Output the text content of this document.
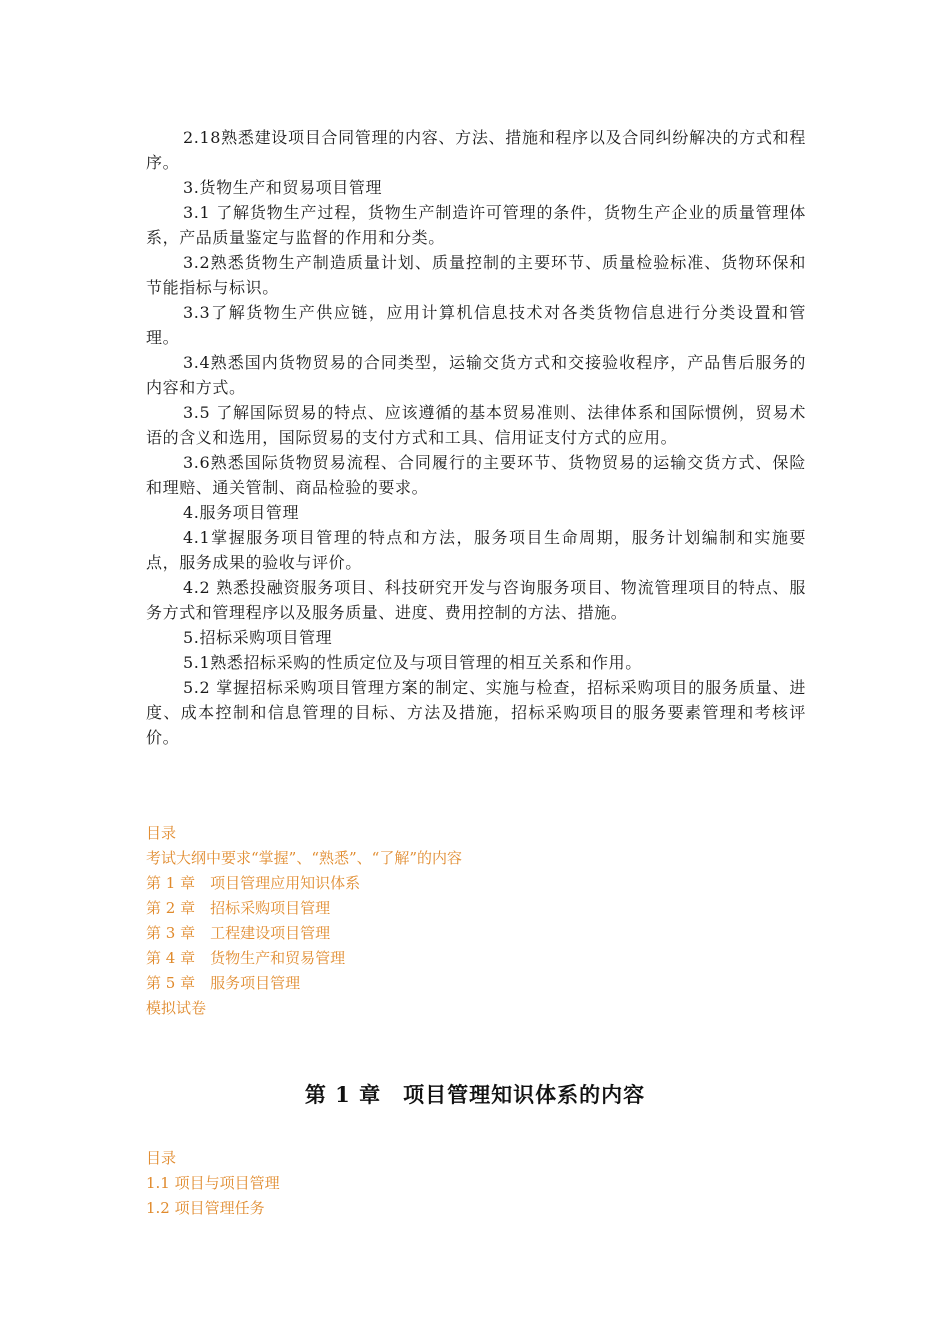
2.18熟悉建设项目合同管理的内容、方法、措施和程序以及合同纠纷解决的方式和程序。

3.货物生产和贸易项目管理

3.1 了解货物生产过程，货物生产制造许可管理的条件，货物生产企业的质量管理体系，产品质量鉴定与监督的作用和分类。

3.2熟悉货物生产制造质量计划、质量控制的主要环节、质量检验标准、货物环保和节能指标与标识。

3.3了解货物生产供应链，应用计算机信息技术对各类货物信息进行分类设置和管理。

3.4熟悉国内货物贸易的合同类型，运输交货方式和交接验收程序，产品售后服务的内容和方式。

3.5 了解国际贸易的特点、应该遵循的基本贸易准则、法律体系和国际惯例，贸易术语的含义和选用，国际贸易的支付方式和工具、信用证支付方式的应用。

3.6熟悉国际货物贸易流程、合同履行的主要环节、货物贸易的运输交货方式、保险和理赔、通关管制、商品检验的要求。

4.服务项目管理

4.1掌握服务项目管理的特点和方法，服务项目生命周期，服务计划编制和实施要点，服务成果的验收与评价。

4.2 熟悉投融资服务项目、科技研究开发与咨询服务项目、物流管理项目的特点、服务方式和管理程序以及服务质量、进度、费用控制的方法、措施。

5.招标采购项目管理

5.1熟悉招标采购的性质定位及与项目管理的相互关系和作用。

5.2 掌握招标采购项目管理方案的制定、实施与检查，招标采购项目的服务质量、进度、成本控制和信息管理的目标、方法及措施，招标采购项目的服务要素管理和考核评价。

目录
考试大纲中要求“掌握”、“熟悉”、“了解”的内容
第 1 章　项目管理应用知识体系
第 2 章　招标采购项目管理
第 3 章　工程建设项目管理
第 4 章　货物生产和贸易管理
第 5 章　服务项目管理
模拟试卷
第 1 章　项目管理知识体系的内容
目录
1.1 项目与项目管理
1.2 项目管理任务
